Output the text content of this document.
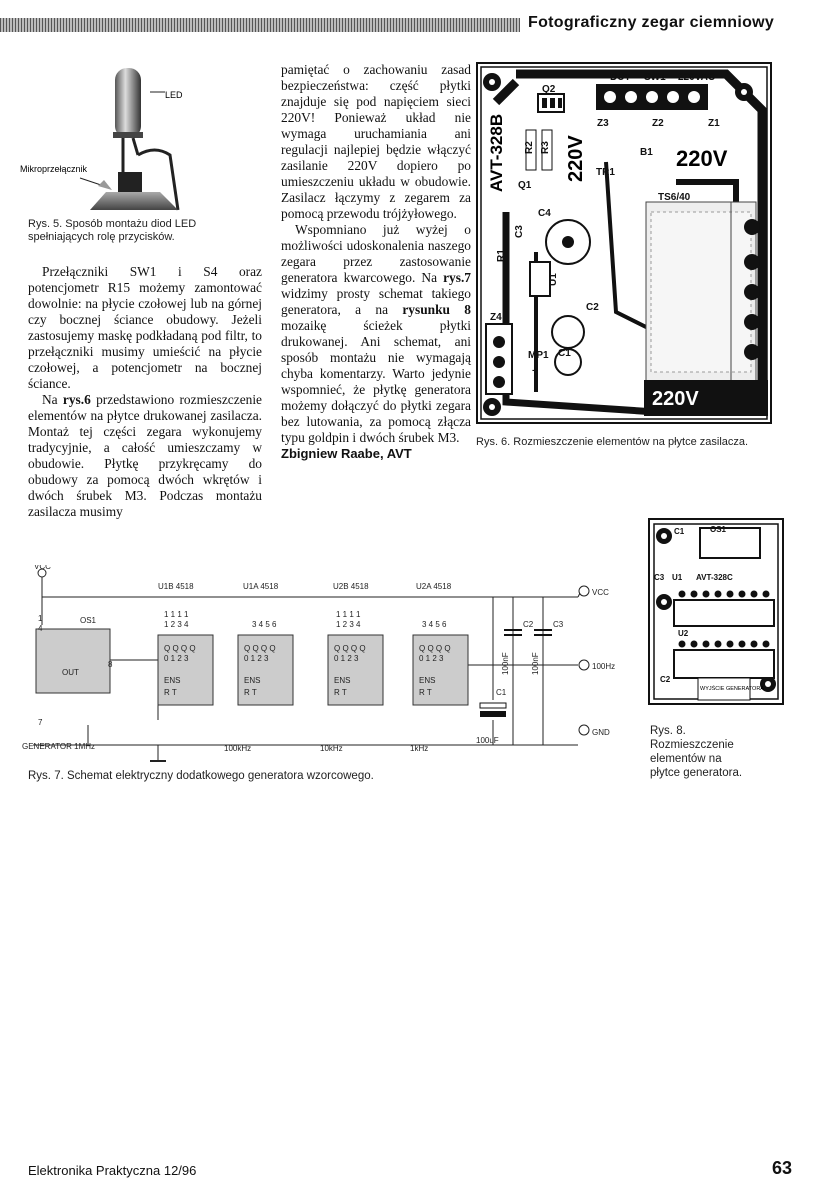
Fotograficzny zegar ciemniowy
LED
Mikroprzełącznik
Rys. 5. Sposób montażu diod LED spełniających rolę przycisków.

Przełączniki SW1 i S4 oraz potencjometr R15 możemy zamontować dowolnie: na płycie czołowej lub na górnej czy bocznej ściance obudowy. Jeżeli zastosujemy maskę podkładaną pod filtr, to przełączniki musimy umieścić na płycie czołowej, a potencjometr na bocznej ściance.

Na rys.6 przedstawiono rozmieszczenie elementów na płytce drukowanej zasilacza. Montaż tej części zegara wykonujemy tradycyjnie, a całość umieszczamy w obudowie. Płytkę przykręcamy do obudowy za pomocą dwóch wkrętów i dwóch śrubek M3. Podczas montażu zasilacza musimy

pamiętać o zachowaniu zasad bezpieczeństwa: część płytki znajduje się pod napięciem sieci 220V! Ponieważ układ nie wymaga uruchamiania ani regulacji najlepiej będzie włączyć zasilanie 220V dopiero po umieszczeniu układu w obudowie. Zasilacz łączymy z zegarem za pomocą przewodu trójżyłowego.

Wspomniano już wyżej o możliwości udoskonalenia naszego zegara przez zastosowanie generatora kwarcowego. Na rys.7 widzimy prosty schemat takiego generatora, a na rysunku 8 mozaikę ścieżek płytki drukowanej. Ani schemat, ani sposób montażu nie wymagają chyba komentarzy. Warto jedynie wspomnieć, że płytkę generatora możemy dołączyć do płytki zegara bez lutowania, za pomocą złącza typu goldpin i dwóch śrubek M3.

Zbigniew Raabe, AVT
DUT SW1 220VAC
Q2
Z3	Z2	Z1
B1
TR1
TS6/40
Q1
C4
C2
Z4
MP1 C1
+
R2 R3
R1
C3
U1
AVT-328B	220V	220V
220V
Rys. 6. Rozmieszczenie elementów na płytce zasilacza.
VCC
U1B 4518	U1A 4518	U2B 4518	U2A 4518
OS1
OUT
1
4
8
7
GENERATOR 1MHz	100kHz	10kHz	1kHz
VCC
100Hz
GND
C2 C3
C1
100uF
100nF	100nF
1 1 1 1
1 2 3 4	3 4 5 6
1 1 1 1
1 2 3 4	3 4 5 6
Q Q Q Q
0 1 2 3
Q Q Q Q
0 1 2 3
Q Q Q Q
0 1 2 3
Q Q Q Q
0 1 2 3
ENS	ENS	ENS	ENS
R T	R T	R T	R T
Rys. 7. Schemat elektryczny dodatkowego generatora wzorcowego.
C1	OS1
C3 U1 AVT-328C
U2
C2
WYJŚCIE GENERATORA
Rys. 8.
Rozmieszczenie
elementów na
płytce generatora.
Elektronika Praktyczna 12/96	63
